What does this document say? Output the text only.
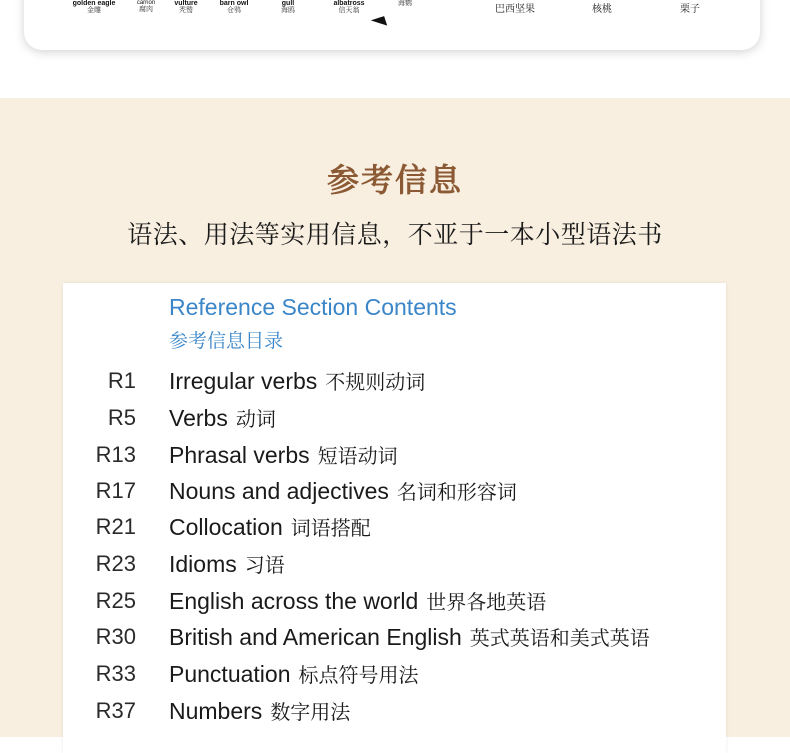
golden eagle
金雕
carrion
腐肉
vulture
秃鹫
barn owl
仓鸮
gull
海鸥
albatross
信天翁
海鹦
巴西坚果	核桃	栗子
参考信息
语法、用法等实用信息，不亚于一本小型语法书
Reference Section Contents
参考信息目录
R1 Irregular verbs 不规则动词
R5 Verbs 动词
R13 Phrasal verbs 短语动词
R17 Nouns and adjectives 名词和形容词
R21 Collocation 词语搭配
R23 Idioms 习语
R25 English across the world 世界各地英语
R30 British and American English 英式英语和美式英语
R33 Punctuation 标点符号用法
R37 Numbers 数字用法
